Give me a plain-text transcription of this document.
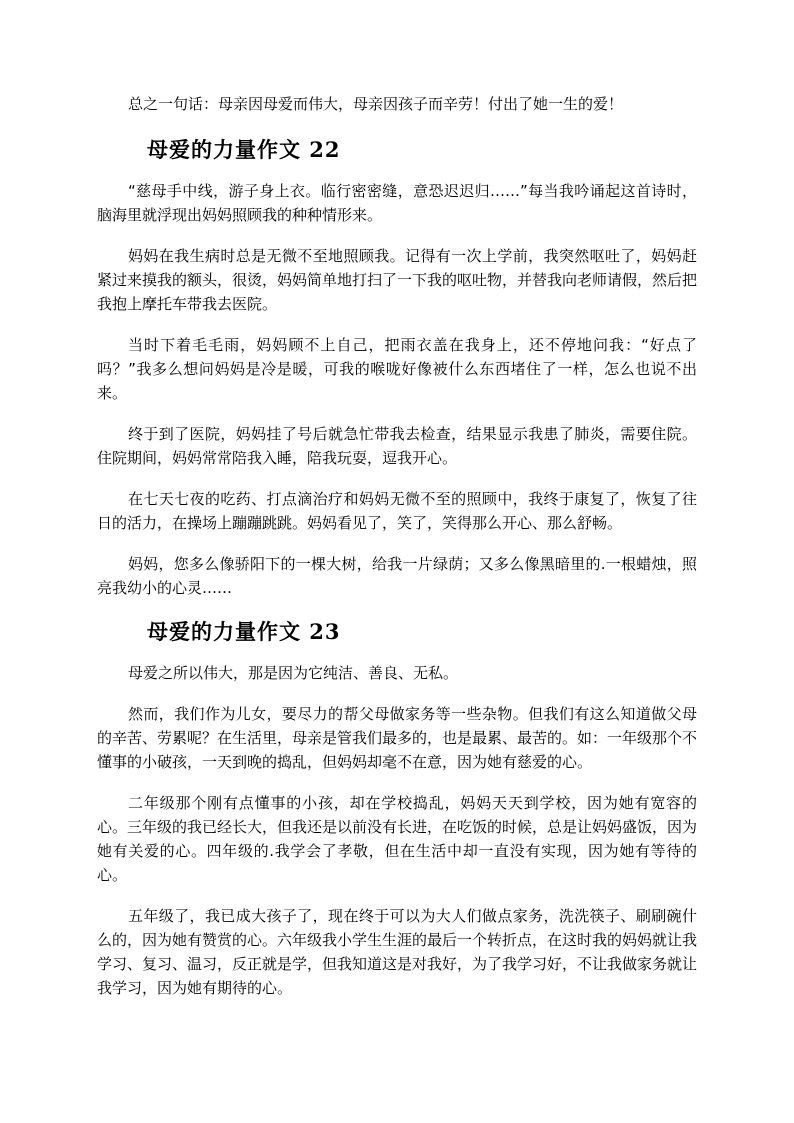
总之一句话：母亲因母爱而伟大，母亲因孩子而辛劳！付出了她一生的爱！

母爱的力量作文 22

“慈母手中线，游子身上衣。临行密密缝，意恐迟迟归……”每当我吟诵起这首诗时，脑海里就浮现出妈妈照顾我的种种情形来。

妈妈在我生病时总是无微不至地照顾我。记得有一次上学前，我突然呕吐了，妈妈赶紧过来摸我的额头，很烫，妈妈简单地打扫了一下我的呕吐物，并替我向老师请假，然后把我抱上摩托车带我去医院。

当时下着毛毛雨，妈妈顾不上自己，把雨衣盖在我身上，还不停地问我：“好点了吗？”我多么想问妈妈是冷是暖，可我的喉咙好像被什么东西堵住了一样，怎么也说不出来。

终于到了医院，妈妈挂了号后就急忙带我去检查，结果显示我患了肺炎，需要住院。住院期间，妈妈常常陪我入睡，陪我玩耍，逗我开心。

在七天七夜的吃药、打点滴治疗和妈妈无微不至的照顾中，我终于康复了，恢复了往日的活力，在操场上蹦蹦跳跳。妈妈看见了，笑了，笑得那么开心、那么舒畅。

妈妈，您多么像骄阳下的一棵大树，给我一片绿荫；又多么像黑暗里的.一根蜡烛，照亮我幼小的心灵……

母爱的力量作文 23

母爱之所以伟大，那是因为它纯洁、善良、无私。

然而，我们作为儿女，要尽力的帮父母做家务等一些杂物。但我们有这么知道做父母的辛苦、劳累呢？在生活里，母亲是管我们最多的，也是最累、最苦的。如：一年级那个不懂事的小破孩，一天到晚的捣乱，但妈妈却毫不在意，因为她有慈爱的心。

二年级那个刚有点懂事的小孩，却在学校捣乱，妈妈天天到学校，因为她有宽容的心。三年级的我已经长大，但我还是以前没有长进，在吃饭的时候，总是让妈妈盛饭，因为她有关爱的心。四年级的.我学会了孝敬，但在生活中却一直没有实现，因为她有等待的心。

五年级了，我已成大孩子了，现在终于可以为大人们做点家务，洗洗筷子、刷刷碗什么的，因为她有赞赏的心。六年级我小学生生涯的最后一个转折点，在这时我的妈妈就让我学习、复习、温习，反正就是学，但我知道这是对我好，为了我学习好，不让我做家务就让我学习，因为她有期待的心。
